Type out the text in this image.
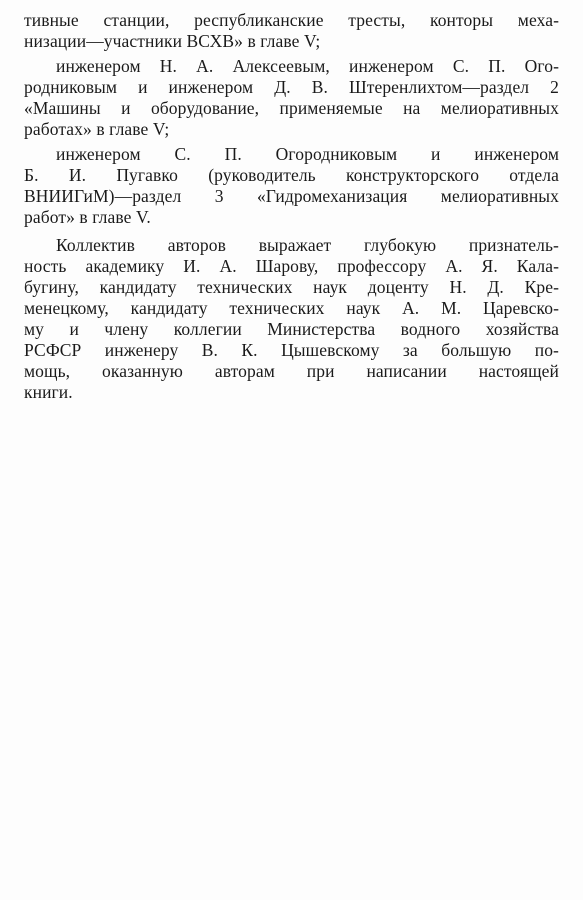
тивные станции, республиканские тресты, конторы меха-
низации—участники ВСХВ» в главе V;
инженером Н. А. Алексеевым, инженером С. П. Ого-
родниковым и инженером Д. В. Штеренлихтом—раздел 2
«Машины и оборудование, применяемые на мелиоративных
работах» в главе V;
инженером С. П. Огородниковым и инженером
Б. И. Пугавко (руководитель конструкторского отдела
ВНИИГиМ)—раздел 3 «Гидромеханизация мелиоративных
работ» в главе V.
Коллектив авторов выражает глубокую признатель-
ность академику И. А. Шарову, профессору А. Я. Кала-
бугину, кандидату технических наук доценту Н. Д. Кре-
менецкому, кандидату технических наук А. М. Царевско-
му и члену коллегии Министерства водного хозяйства
РСФСР инженеру В. К. Цышевскому за большую по-
мощь, оказанную авторам при написании настоящей
книги.
